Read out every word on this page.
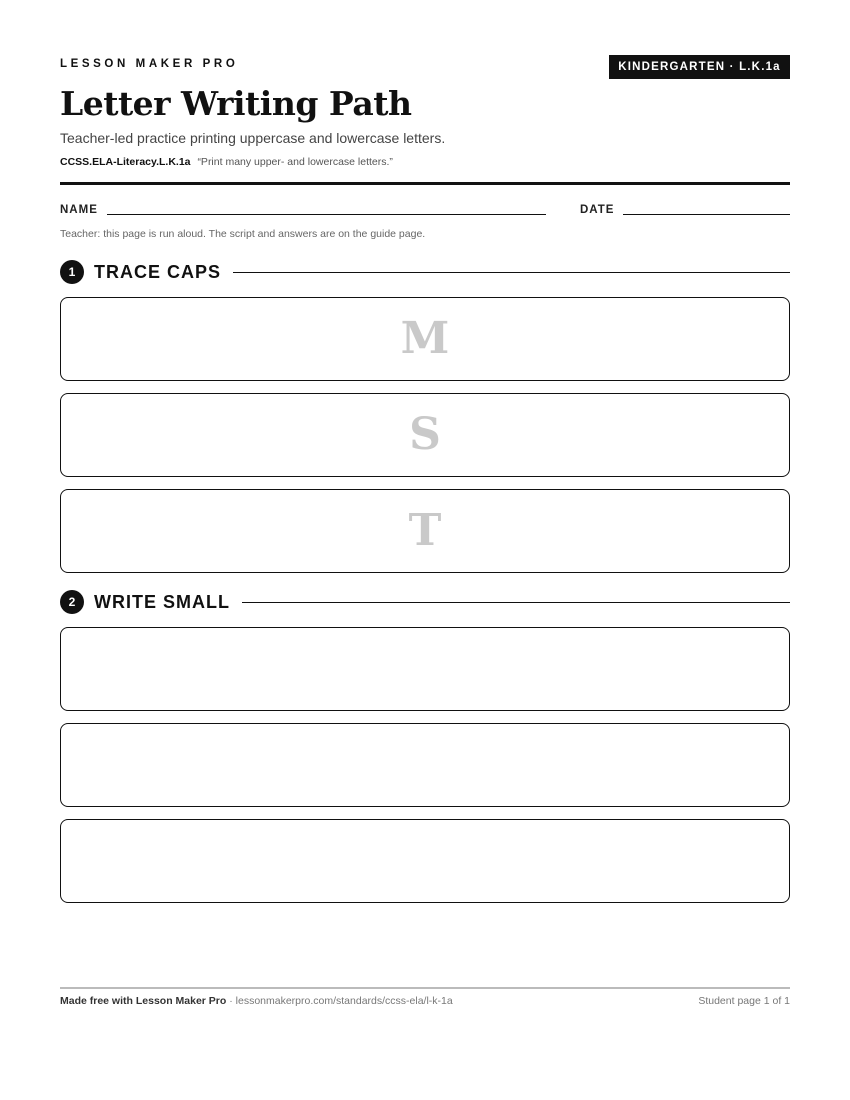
LESSON MAKER PRO	KINDERGARTEN · L.K.1a
Letter Writing Path
Teacher-led practice printing uppercase and lowercase letters.
CCSS.ELA-Literacy.L.K.1a “Print many upper- and lowercase letters.”
NAME	DATE
Teacher: this page is run aloud. The script and answers are on the guide page.
1	TRACE CAPS
M
S
T
2	WRITE SMALL
Made free with Lesson Maker Pro · lessonmakerpro.com/standards/ccss-ela/l-k-1a	Student page 1 of 1
